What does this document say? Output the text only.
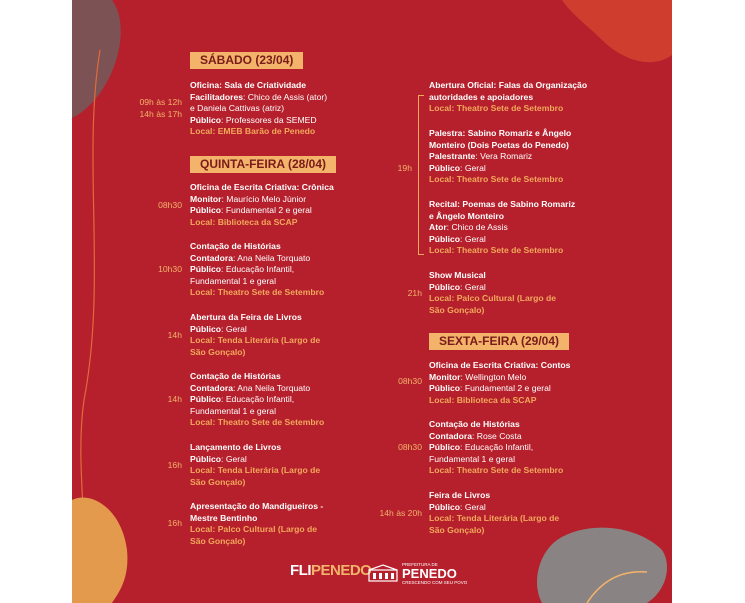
SÁBADO (23/04)
09h às 12h
14h às 17h
Oficina: Sala de Criatividade
Facilitadores: Chico de Assis (ator)
e Daniela Cattivas (atriz)
Público: Professores da SEMED
Local: EMEB Barão de Penedo
QUINTA-FEIRA (28/04)
08h30
Oficina de Escrita Criativa: Crônica
Monitor: Maurício Melo Júnior
Público: Fundamental 2 e geral
Local: Biblioteca da SCAP
10h30
Contação de Histórias
Contadora: Ana Neila Torquato
Público: Educação Infantil,
Fundamental 1 e geral
Local: Theatro Sete de Setembro
14h
Abertura da Feira de Livros
Público: Geral
Local: Tenda Literária (Largo de
São Gonçalo)
14h
Contação de Histórias
Contadora: Ana Neila Torquato
Público: Educação Infantil,
Fundamental 1 e geral
Local: Theatro Sete de Setembro
16h
Lançamento de Livros
Público: Geral
Local: Tenda Literária (Largo de
São Gonçalo)
16h
Apresentação do Mandigueiros -
Mestre Bentinho
Local: Palco Cultural (Largo de
São Gonçalo)
19h
Abertura Oficial: Falas da Organização
autoridades e apoiadores
Local: Theatro Sete de Setembro
Palestra: Sabino Romariz e Ângelo
Monteiro (Dois Poetas do Penedo)
Palestrante: Vera Romariz
Público: Geral
Local: Theatro Sete de Setembro
Recital: Poemas de Sabino Romariz
e Ângelo Monteiro
Ator: Chico de Assis
Público: Geral
Local: Theatro Sete de Setembro
21h
Show Musical
Público: Geral
Local: Palco Cultural (Largo de
São Gonçalo)
SEXTA-FEIRA (29/04)
08h30
Oficina de Escrita Criativa: Contos
Monitor: Wellington Melo
Público: Fundamental 2 e geral
Local: Biblioteca da SCAP
08h30
Contação de Histórias
Contadora: Rose Costa
Público: Educação Infantil,
Fundamental 1 e geral
Local: Theatro Sete de Setembro
14h às 20h
Feira de Livros
Público: Geral
Local: Tenda Literária (Largo de
São Gonçalo)
FLIPENEDO	PREFEITURA DE
PENEDO
CRESCENDO COM SEU POVO
